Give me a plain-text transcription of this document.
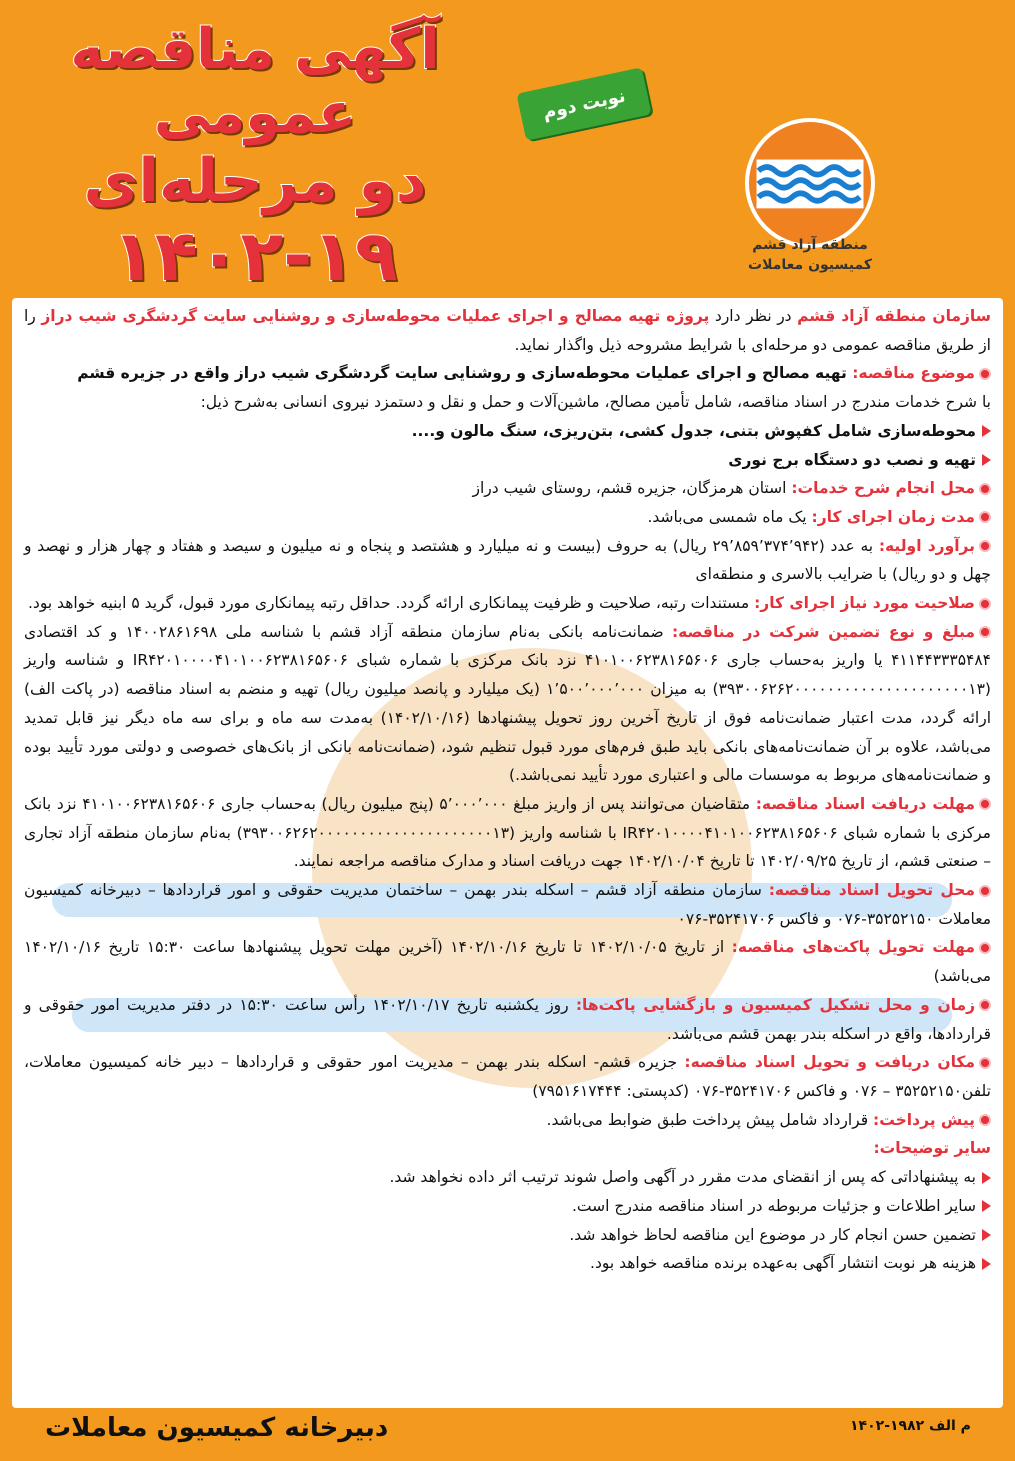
آگهی مناقصه عمومی
دو مرحله‌ای
۱۴۰۲-۱۹
نوبت دوم
منطقه آزاد قشم
کمیسیون معاملات

سازمان منطقه آزاد قشم در نظر دارد پروژه تهیه مصالح و اجرای عملیات محوطه‌سازی و روشنایی سایت گردشگری شیب دراز را از طریق مناقصه عمومی دو مرحله‌ای با شرایط مشروحه ذیل واگذار نماید.

موضوع مناقصه: تهیه مصالح و اجرای عملیات محوطه‌سازی و روشنایی سایت گردشگری شیب دراز واقع در جزیره قشم

با شرح خدمات مندرج در اسناد مناقصه، شامل تأمین مصالح، ماشین‌آلات و حمل و نقل و دستمزد نیروی انسانی به‌شرح ذیل:

محوطه‌سازی شامل کفپوش بتنی، جدول کشی، بتن‌ریزی، سنگ مالون و....

تهیه و نصب دو دستگاه برج نوری

محل انجام شرح خدمات: استان هرمزگان، جزیره قشم، روستای شیب دراز

مدت زمان اجرای کار: یک ماه شمسی می‌باشد.

برآورد اولیه: به عدد (۲۹٬۸۵۹٬۳۷۴٬۹۴۲ ریال) به حروف (بیست و نه میلیارد و هشتصد و پنجاه و نه میلیون و سیصد و هفتاد و چهار هزار و نهصد و چهل و دو ریال) با ضرایب بالاسری و منطقه‌ای

صلاحیت مورد نیاز اجرای کار: مستندات رتبه، صلاحیت و ظرفیت پیمانکاری ارائه گردد. حداقل رتبه پیمانکاری مورد قبول، گرید ۵ ابنیه خواهد بود.

مبلغ و نوع تضمین شرکت در مناقصه: ضمانت‌نامه بانکی به‌نام سازمان منطقه آزاد قشم با شناسه ملی ۱۴۰۰۲۸۶۱۶۹۸ و کد اقتصادی ۴۱۱۴۴۳۳۳۵۴۸۴ یا واریز به‌حساب جاری ۴۱۰۱۰۰۶۲۳۸۱۶۵۶۰۶ نزد بانک مرکزی با شماره شبای IR۴۲۰۱۰۰۰۰۴۱۰۱۰۰۶۲۳۸۱۶۵۶۰۶ و شناسه واریز (۳۹۳۰۰۶۲۶۲۰۰۰۰۰۰۰۰۰۰۰۰۰۰۰۰۰۰۰۰۰۱۳) به میزان ۱٬۵۰۰٬۰۰۰٬۰۰۰ (یک میلیارد و پانصد میلیون ریال) تهیه و منضم به اسناد مناقصه (در پاکت الف) ارائه گردد، مدت اعتبار ضمانت‌نامه فوق از تاریخ آخرین روز تحویل پیشنهادها (۱۴۰۲/۱۰/۱۶) به‌مدت سه ماه و برای سه ماه دیگر نیز قابل تمدید می‌باشد، علاوه بر آن ضمانت‌نامه‌های بانکی باید طبق فرم‌های مورد قبول تنظیم شود، (ضمانت‌نامه بانکی از بانک‌های خصوصی و دولتی مورد تأیید بوده و ضمانت‌نامه‌های مربوط به موسسات مالی و اعتباری مورد تأیید نمی‌باشد.)

مهلت دریافت اسناد مناقصه: متقاضیان می‌توانند پس از واریز مبلغ ۵٬۰۰۰٬۰۰۰ (پنج میلیون ریال) به‌حساب جاری ۴۱۰۱۰۰۶۲۳۸۱۶۵۶۰۶ نزد بانک مرکزی با شماره شبای IR۴۲۰۱۰۰۰۰۴۱۰۱۰۰۶۲۳۸۱۶۵۶۰۶ با شناسه واریز (۳۹۳۰۰۶۲۶۲۰۰۰۰۰۰۰۰۰۰۰۰۰۰۰۰۰۰۰۰۰۱۳) به‌نام سازمان منطقه آزاد تجاری – صنعتی قشم، از تاریخ ۱۴۰۲/۰۹/۲۵ تا تاریخ ۱۴۰۲/۱۰/۰۴ جهت دریافت اسناد و مدارک مناقصه مراجعه نمایند.

محل تحویل اسناد مناقصه: سازمان منطقه آزاد قشم – اسکله بندر بهمن – ساختمان مدیریت حقوقی و امور قراردادها – دبیرخانه کمیسیون معاملات ۳۵۲۵۲۱۵۰-۰۷۶ و فاکس ۳۵۲۴۱۷۰۶-۰۷۶

مهلت تحویل پاکت‌های مناقصه: از تاریخ ۱۴۰۲/۱۰/۰۵ تا تاریخ ۱۴۰۲/۱۰/۱۶ (آخرین مهلت تحویل پیشنهادها ساعت ۱۵:۳۰ تاریخ ۱۴۰۲/۱۰/۱۶ می‌باشد)

زمان و محل تشکیل کمیسیون و بازگشایی پاکت‌ها: روز یکشنبه تاریخ ۱۴۰۲/۱۰/۱۷ رأس ساعت ۱۵:۳۰ در دفتر مدیریت امور حقوقی و قراردادها، واقع در اسکله بندر بهمن قشم می‌باشد.

مکان دریافت و تحویل اسناد مناقصه: جزیره قشم- اسکله بندر بهمن – مدیریت امور حقوقی و قراردادها – دبیر خانه کمیسیون معاملات، تلفن۳۵۲۵۲۱۵۰ – ۰۷۶ و فاکس ۳۵۲۴۱۷۰۶-۰۷۶ (کدپستی: ۷۹۵۱۶۱۷۴۴۴)

پیش پرداخت: قرارداد شامل پیش پرداخت طبق ضوابط می‌باشد.

سایر توضیحات:

به پیشنهاداتی که پس از انقضای مدت مقرر در آگهی واصل شوند ترتیب اثر داده نخواهد شد.

سایر اطلاعات و جزئیات مربوطه در اسناد مناقصه مندرج است.

تضمین حسن انجام کار در موضوع این مناقصه لحاظ خواهد شد.

هزینه هر نوبت انتشار آگهی به‌عهده برنده مناقصه خواهد بود.

دبیرخانه کمیسیون معاملات	م الف ۱۹۸۲-۱۴۰۲
